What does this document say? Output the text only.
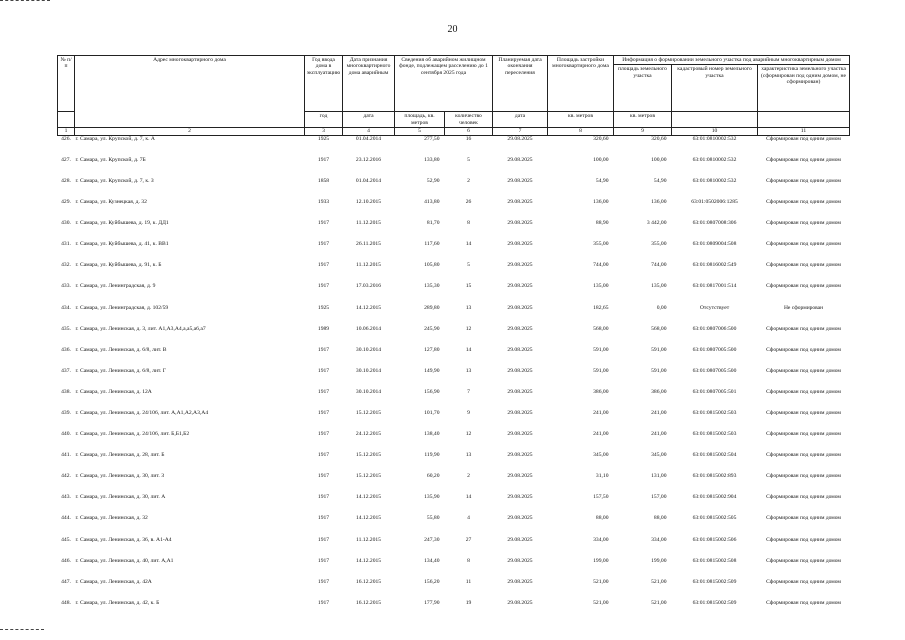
20
№ п/п	Адрес многоквартирного дома	Год ввода дома в эксплуатацию	Дата признания многоквартирного дома аварийным	Сведения об аварийном жилищном фонде, подлежащем расселению до 1 сентября 2025 года		Планируемая дата окончания переселения	Площадь застройки многоквартирного дома	Информация о формировании земельного участка под аварийным многоквартирным домом		
								площадь земельного участка	кадастровый номер земельного участка	характеристика земельного участка (сформирован под одним домом, не сформирован)
		год	дата	площадь, кв. метров	количество человек	дата	кв. метров	кв. метров		
1	2	3	4	5	6	7	8	9	10	11
426.	г. Самара, ул. Крупской, д. 7, к. А	1925	01.04.2014	277,50	16	29.08.2025	320,60	320,60	63:01:0810002:532	Сформирован под одним домом
427.	г. Самара, ул. Крупской, д. 7Б	1917	23.12.2016	133,80	5	29.08.2025	100,00	100,00	63:01:0810002:532	Сформирован под одним домом
428.	г. Самара, ул. Крупской, д. 7, к. З	1858	01.04.2014	52,90	2	29.08.2025	54,90	54,90	63:01:0810002:532	Сформирован под одним домом
429.	г. Самара, ул. Кузнецкая, д. 32	1933	12.10.2015	413,80	26	29.08.2025	136,00	136,00	63:01:0502006:1285	Сформирован под одним домом
430.	г. Самара, ул. Куйбышева, д. 19, к. ДД1	1917	11.12.2015	81,70	8	29.08.2025	88,90	3 442,00	63:01:0807008:306	Сформирован под одним домом
431.	г. Самара, ул. Куйбышева, д. 41, к. ВВ1	1917	26.11.2015	117,60	14	29.08.2025	355,00	355,00	63:01:0809004:508	Сформирован под одним домом
432.	г. Самара, ул. Куйбышева, д. 91, к. Б	1917	11.12.2015	105,80	5	29.08.2025	744,00	744,00	63:01:0816002:549	Сформирован под одним домом
433.	г. Самара, ул. Ленинградская, д. 9	1917	17.03.2016	135,30	15	29.08.2025	135,00	135,00	63:01:0817001:514	Сформирован под одним домом
434.	г. Самара, ул. Ленинградская, д. 102/59	1925	14.12.2015	289,80	13	29.08.2025	182,65	0,00	Отсутствует	Не сформирован
435.	г. Самара, ул. Ленинская, д. 3, лит. А1,А3,А4,а,а5,а6,а7	1989	10.06.2014	245,90	12	29.08.2025	568,00	568,00	63:01:0807006:500	Сформирован под одним домом
436.	г. Самара, ул. Ленинская, д. 6/8, лит. В	1917	30.10.2014	127,80	14	29.08.2025	591,00	591,00	63:01:0807005:500	Сформирован под одним домом
437.	г. Самара, ул. Ленинская, д. 6/8, лит. Г	1917	30.10.2014	149,90	13	29.08.2025	591,00	591,00	63:01:0807005:500	Сформирован под одним домом
438.	г. Самара, ул. Ленинская, д. 12А	1917	30.10.2014	156,90	7	29.08.2025	386,00	386,00	63:01:0807005:501	Сформирован под одним домом
439.	г. Самара, ул. Ленинская, д. 24/106, лит. А,А1,А2,А3,А4	1917	15.12.2015	101,70	9	29.08.2025	241,00	241,00	63:01:0815002:503	Сформирован под одним домом
440.	г. Самара, ул. Ленинская, д. 24/106, лит. Б,Б1,Б2	1917	24.12.2015	138,40	12	29.08.2025	241,00	241,00	63:01:0815002:503	Сформирован под одним домом
441.	г. Самара, ул. Ленинская, д. 28, лит. Б	1917	15.12.2015	119,90	13	29.08.2025	345,00	345,00	63:01:0815002:504	Сформирован под одним домом
442.	г. Самара, ул. Ленинская, д. 30, лит. З	1917	15.12.2015	60,20	2	29.08.2025	31,10	131,00	63:01:0815002:893	Сформирован под одним домом
443.	г. Самара, ул. Ленинская, д. 30, лит. А	1917	14.12.2015	135,90	14	29.08.2025	157,50	157,00	63:01:0815002:904	Сформирован под одним домом
444.	г. Самара, ул. Ленинская, д. 32	1917	14.12.2015	55,80	4	29.08.2025	88,00	88,00	63:01:0815002:505	Сформирован под одним домом
445.	г. Самара, ул. Ленинская, д. 36, в. А1-А4	1917	11.12.2015	247,30	27	29.08.2025	334,00	334,00	63:01:0815002:506	Сформирован под одним домом
446.	г. Самара, ул. Ленинская, д. 40, лит. А,А1	1917	14.12.2015	134,40	8	29.08.2025	199,00	199,00	63:01:0815002:508	Сформирован под одним домом
447.	г. Самара, ул. Ленинская, д. 42А	1917	16.12.2015	156,20	11	29.08.2025	521,00	521,00	63:01:0815002:509	Сформирован под одним домом
448.	г. Самара, ул. Ленинская, д. 42, к. Б	1917	16.12.2015	177,90	19	29.08.2025	521,00	521,00	63:01:0815002:509	Сформирован под одним домом
